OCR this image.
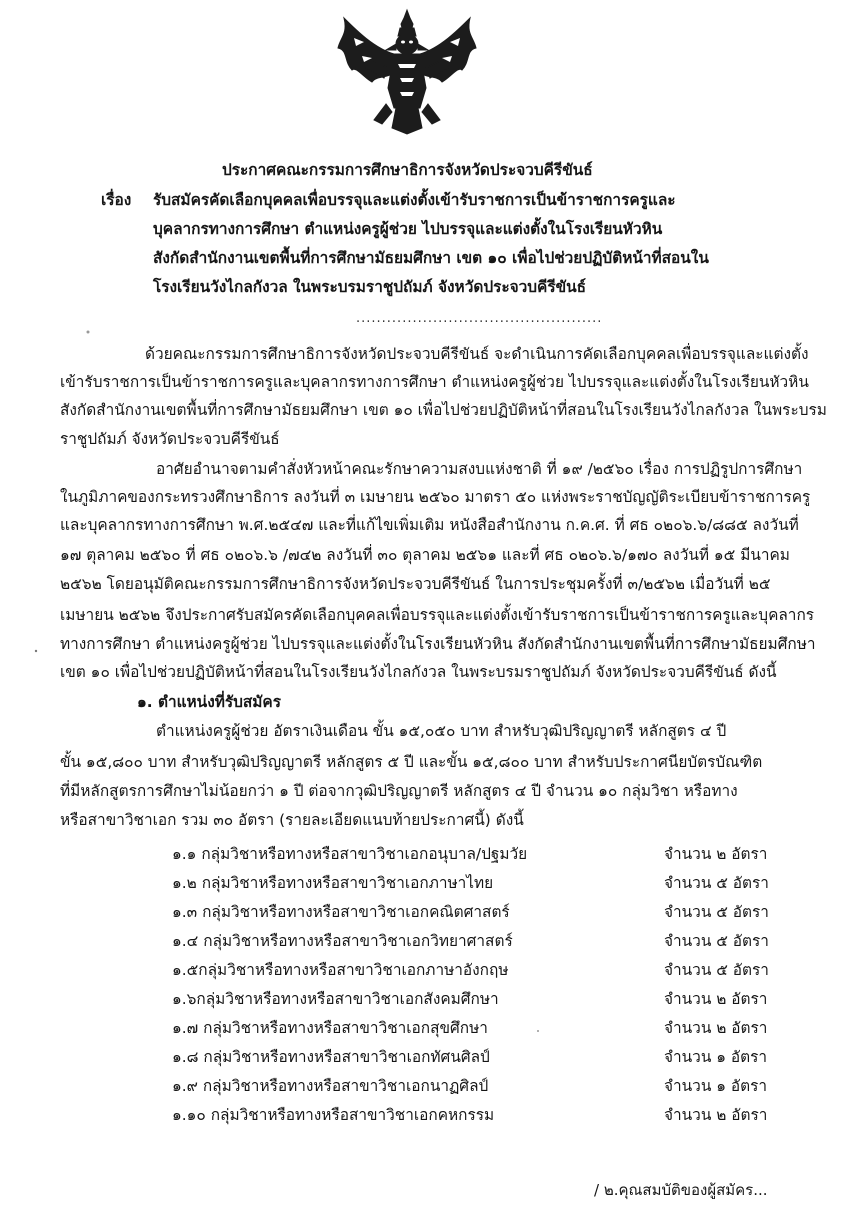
ประกาศคณะกรรมการศึกษาธิการจังหวัดประจวบคีรีขันธ์
เรื่อง รับสมัครคัดเลือกบุคคลเพื่อบรรจุและแต่งตั้งเข้ารับราชการเป็นข้าราชการครูและ
บุคลากรทางการศึกษา ตำแหน่งครูผู้ช่วย ไปบรรจุและแต่งตั้งในโรงเรียนหัวหิน
สังกัดสำนักงานเขตพื้นที่การศึกษามัธยมศึกษา เขต ๑๐ เพื่อไปช่วยปฏิบัติหน้าที่สอนใน
โรงเรียนวังไกลกังวล ในพระบรมราชูปถัมภ์ จังหวัดประจวบคีรีขันธ์
................................................
ด้วยคณะกรรมการศึกษาธิการจังหวัดประจวบคีรีขันธ์ จะดำเนินการคัดเลือกบุคคลเพื่อบรรจุและแต่งตั้ง
เข้ารับราชการเป็นข้าราชการครูและบุคลากรทางการศึกษา ตำแหน่งครูผู้ช่วย ไปบรรจุและแต่งตั้งในโรงเรียนหัวหิน
สังกัดสำนักงานเขตพื้นที่การศึกษามัธยมศึกษา เขต ๑๐ เพื่อไปช่วยปฏิบัติหน้าที่สอนในโรงเรียนวังไกลกังวล ในพระบรม
ราชูปถัมภ์ จังหวัดประจวบคีรีขันธ์
อาศัยอำนาจตามคำสั่งหัวหน้าคณะรักษาความสงบแห่งชาติ ที่ ๑๙ /๒๕๖๐ เรื่อง การปฏิรูปการศึกษา
ในภูมิภาคของกระทรวงศึกษาธิการ ลงวันที่ ๓ เมษายน ๒๕๖๐ มาตรา ๕๐ แห่งพระราชบัญญัติระเบียบข้าราชการครู
และบุคลากรทางการศึกษา พ.ศ.๒๕๔๗ และที่แก้ไขเพิ่มเติม หนังสือสำนักงาน ก.ค.ศ. ที่ ศธ ๐๒๐๖.๖/๘๘๕ ลงวันที่
๑๗ ตุลาคม ๒๕๖๐ ที่ ศธ ๐๒๐๖.๖ /๗๔๒ ลงวันที่ ๓๐ ตุลาคม ๒๕๖๑ และที่ ศธ ๐๒๐๖.๖/๑๗๐ ลงวันที่ ๑๕ มีนาคม
๒๕๖๒ โดยอนุมัติคณะกรรมการศึกษาธิการจังหวัดประจวบคีรีขันธ์ ในการประชุมครั้งที่ ๓/๒๕๖๒ เมื่อวันที่ ๒๕
เมษายน ๒๕๖๒ จึงประกาศรับสมัครคัดเลือกบุคคลเพื่อบรรจุและแต่งตั้งเข้ารับราชการเป็นข้าราชการครูและบุคลากร
ทางการศึกษา ตำแหน่งครูผู้ช่วย ไปบรรจุและแต่งตั้งในโรงเรียนหัวหิน สังกัดสำนักงานเขตพื้นที่การศึกษามัธยมศึกษา
เขต ๑๐ เพื่อไปช่วยปฏิบัติหน้าที่สอนในโรงเรียนวังไกลกังวล ในพระบรมราชูปถัมภ์ จังหวัดประจวบคีรีขันธ์ ดังนี้
๑. ตำแหน่งที่รับสมัคร
ตำแหน่งครูผู้ช่วย อัตราเงินเดือน ขั้น ๑๕,๐๕๐ บาท สำหรับวุฒิปริญญาตรี หลักสูตร ๔ ปี
ขั้น ๑๕,๘๐๐ บาท สำหรับวุฒิปริญญาตรี หลักสูตร ๕ ปี และขั้น ๑๕,๘๐๐ บาท สำหรับประกาศนียบัตรบัณฑิต
ที่มีหลักสูตรการศึกษาไม่น้อยกว่า ๑ ปี ต่อจากวุฒิปริญญาตรี หลักสูตร ๔ ปี จำนวน ๑๐ กลุ่มวิชา หรือทาง
หรือสาขาวิชาเอก รวม ๓๐ อัตรา (รายละเอียดแนบท้ายประกาศนี้) ดังนี้
๑.๑ กลุ่มวิชาหรือทางหรือสาขาวิชาเอกอนุบาล/ปฐมวัย	จำนวน ๒ อัตรา
๑.๒ กลุ่มวิชาหรือทางหรือสาขาวิชาเอกภาษาไทย	จำนวน ๕ อัตรา
๑.๓ กลุ่มวิชาหรือทางหรือสาขาวิชาเอกคณิตศาสตร์	จำนวน ๕ อัตรา
๑.๔ กลุ่มวิชาหรือทางหรือสาขาวิชาเอกวิทยาศาสตร์	จำนวน ๕ อัตรา
๑.๕กลุ่มวิชาหรือทางหรือสาขาวิชาเอกภาษาอังกฤษ	จำนวน ๕ อัตรา
๑.๖กลุ่มวิชาหรือทางหรือสาขาวิชาเอกสังคมศึกษา	จำนวน ๒ อัตรา
๑.๗ กลุ่มวิชาหรือทางหรือสาขาวิชาเอกสุขศึกษา	จำนวน ๒ อัตรา
๑.๘ กลุ่มวิชาหรือทางหรือสาขาวิชาเอกทัศนศิลป์	จำนวน ๑ อัตรา
๑.๙ กลุ่มวิชาหรือทางหรือสาขาวิชาเอกนาฏศิลป์	จำนวน ๑ อัตรา
๑.๑๐ กลุ่มวิชาหรือทางหรือสาขาวิชาเอกคหกรรม	จำนวน ๒ อัตรา
/ ๒.คุณสมบัติของผู้สมัคร...
